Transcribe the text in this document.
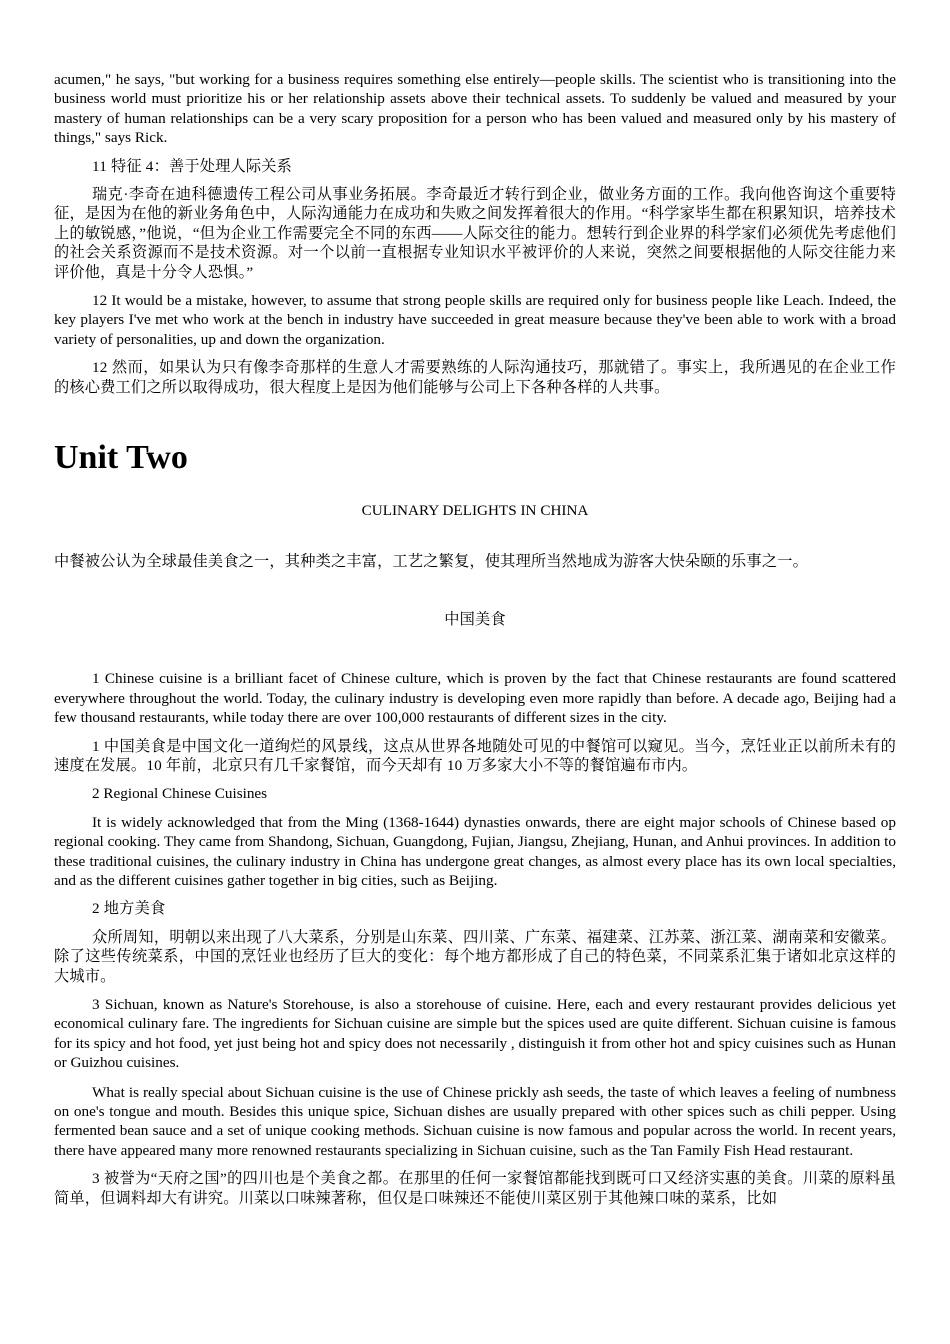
acumen," he says, "but working for a business requires something else entirely—people skills. The scientist who is transitioning into the business world must prioritize his or her relationship assets above their technical assets. To suddenly be valued and measured by your mastery of human relationships can be a very scary proposition for a person who has been valued and measured only by his mastery of things," says Rick.

11 特征 4：善于处理人际关系

瑞克·李奇在迪科德遗传工程公司从事业务拓展。李奇最近才转行到企业，做业务方面的工作。我向他咨询这个重要特征，是因为在他的新业务角色中，人际沟通能力在成功和失败之间发挥着很大的作用。“科学家毕生都在积累知识，培养技术上的敏锐感，”他说，“但为企业工作需要完全不同的东西——人际交往的能力。想转行到企业界的科学家们必须优先考虑他们的社会关系资源而不是技术资源。对一个以前一直根据专业知识水平被评价的人来说，突然之间要根据他的人际交往能力来评价他，真是十分令人恐惧。”

12 It would be a mistake, however, to assume that strong people skills are required only for business people like Leach. Indeed, the key players I've met who work at the bench in industry have succeeded in great measure because they've been able to work with a broad variety of personalities, up and down the organization.

12 然而，如果认为只有像李奇那样的生意人才需要熟练的人际沟通技巧，那就错了。事实上，我所遇见的在企业工作的核心费工们之所以取得成功，很大程度上是因为他们能够与公司上下各种各样的人共事。

Unit Two

CULINARY DELIGHTS IN CHINA

中餐被公认为全球最佳美食之一，其种类之丰富，工艺之繁复，使其理所当然地成为游客大快朵颐的乐事之一。

中国美食

1 Chinese cuisine is a brilliant facet of Chinese culture, which is proven by the fact that Chinese restaurants are found scattered everywhere throughout the world. Today, the culinary industry is developing even more rapidly than before. A decade ago, Beijing had a few thousand restaurants, while today there are over 100,000 restaurants of different sizes in the city.

1 中国美食是中国文化一道绚烂的风景线，这点从世界各地随处可见的中餐馆可以窥见。当今，烹饪业正以前所未有的速度在发展。10 年前，北京只有几千家餐馆，而今天却有 10 万多家大小不等的餐馆遍布市内。

2 Regional Chinese Cuisines

It is widely acknowledged that from the Ming (1368-1644) dynasties onwards, there are eight major schools of Chinese based op regional cooking. They came from Shandong, Sichuan, Guangdong, Fujian, Jiangsu, Zhejiang, Hunan, and Anhui provinces. In addition to these traditional cuisines, the culinary industry in China has undergone great changes, as almost every place has its own local specialties, and as the different cuisines gather together in big cities, such as Beijing.

2 地方美食

众所周知，明朝以来出现了八大菜系，分别是山东菜、四川菜、广东菜、福建菜、江苏菜、浙江菜、湖南菜和安徽菜。除了这些传统菜系，中国的烹饪业也经历了巨大的变化：每个地方都形成了自己的特色菜，不同菜系汇集于诸如北京这样的大城市。

3 Sichuan, known as Nature's Storehouse, is also a storehouse of cuisine. Here, each and every restaurant provides delicious yet economical culinary fare. The ingredients for Sichuan cuisine are simple but the spices used are quite different. Sichuan cuisine is famous for its spicy and hot food, yet just being hot and spicy does not necessarily , distinguish it from other hot and spicy cuisines such as Hunan or Guizhou cuisines.

What is really special about Sichuan cuisine is the use of Chinese prickly ash seeds, the taste of which leaves a feeling of numbness on one's tongue and mouth. Besides this unique spice, Sichuan dishes are usually prepared with other spices such as chili pepper. Using fermented bean sauce and a set of unique cooking methods. Sichuan cuisine is now famous and popular across the world. In recent years, there have appeared many more renowned restaurants specializing in Sichuan cuisine, such as the Tan Family Fish Head restaurant.

3 被誉为“天府之国”的四川也是个美食之都。在那里的任何一家餐馆都能找到既可口又经济实惠的美食。川菜的原料虽简单，但调料却大有讲究。川菜以口味辣著称，但仅是口味辣还不能使川菜区别于其他辣口味的菜系，比如
